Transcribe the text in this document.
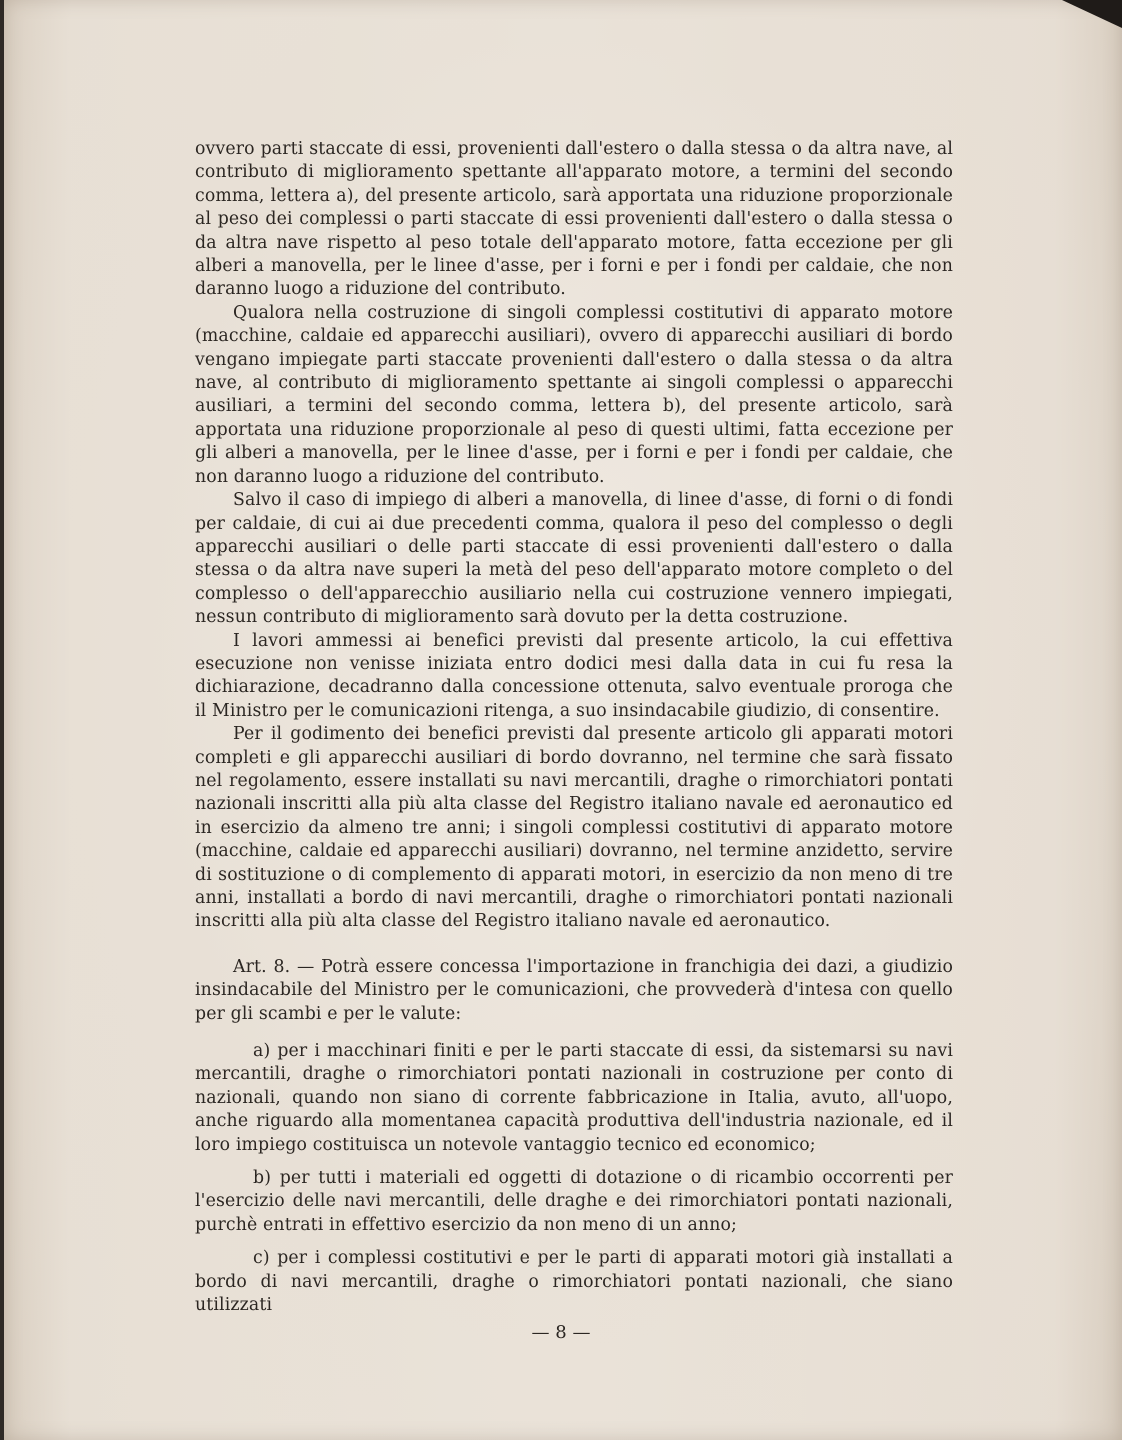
ovvero parti staccate di essi, provenienti dall'estero o dalla stessa o da altra nave, al contributo di miglioramento spettante all'apparato motore, a termini del secondo comma, lettera a), del presente articolo, sarà apportata una riduzione proporzionale al peso dei complessi o parti staccate di essi provenienti dall'estero o dalla stessa o da altra nave rispetto al peso totale dell'apparato motore, fatta eccezione per gli alberi a manovella, per le linee d'asse, per i forni e per i fondi per caldaie, che non daranno luogo a riduzione del contributo.

Qualora nella costruzione di singoli complessi costitutivi di apparato motore (macchine, caldaie ed apparecchi ausiliari), ovvero di apparecchi ausiliari di bordo vengano impiegate parti staccate provenienti dall'estero o dalla stessa o da altra nave, al contributo di miglioramento spettante ai singoli complessi o apparecchi ausiliari, a termini del secondo comma, lettera b), del presente articolo, sarà apportata una riduzione proporzionale al peso di questi ultimi, fatta eccezione per gli alberi a manovella, per le linee d'asse, per i forni e per i fondi per caldaie, che non daranno luogo a riduzione del contributo.

Salvo il caso di impiego di alberi a manovella, di linee d'asse, di forni o di fondi per caldaie, di cui ai due precedenti comma, qualora il peso del complesso o degli apparecchi ausiliari o delle parti staccate di essi provenienti dall'estero o dalla stessa o da altra nave superi la metà del peso dell'apparato motore completo o del complesso o dell'apparecchio ausiliario nella cui costruzione vennero impiegati, nessun contributo di miglioramento sarà dovuto per la detta costruzione.

I lavori ammessi ai benefici previsti dal presente articolo, la cui effettiva esecuzione non venisse iniziata entro dodici mesi dalla data in cui fu resa la dichiarazione, decadranno dalla concessione ottenuta, salvo eventuale proroga che il Ministro per le comunicazioni ritenga, a suo insindacabile giudizio, di consentire.

Per il godimento dei benefici previsti dal presente articolo gli apparati motori completi e gli apparecchi ausiliari di bordo dovranno, nel termine che sarà fissato nel regolamento, essere installati su navi mercantili, draghe o rimorchiatori pontati nazionali inscritti alla più alta classe del Registro italiano navale ed aeronautico ed in esercizio da almeno tre anni; i singoli complessi costitutivi di apparato motore (macchine, caldaie ed apparecchi ausiliari) dovranno, nel termine anzidetto, servire di sostituzione o di complemento di apparati motori, in esercizio da non meno di tre anni, installati a bordo di navi mercantili, draghe o rimorchiatori pontati nazionali inscritti alla più alta classe del Registro italiano navale ed aeronautico.

Art. 8. — Potrà essere concessa l'importazione in franchigia dei dazi, a giudizio insindacabile del Ministro per le comunicazioni, che provvederà d'intesa con quello per gli scambi e per le valute:

a) per i macchinari finiti e per le parti staccate di essi, da sistemarsi su navi mercantili, draghe o rimorchiatori pontati nazionali in costruzione per conto di nazionali, quando non siano di corrente fabbricazione in Italia, avuto, all'uopo, anche riguardo alla momentanea capacità produttiva dell'industria nazionale, ed il loro impiego costituisca un notevole vantaggio tecnico ed economico;

b) per tutti i materiali ed oggetti di dotazione o di ricambio occorrenti per l'esercizio delle navi mercantili, delle draghe e dei rimorchiatori pontati nazionali, purchè entrati in effettivo esercizio da non meno di un anno;

c) per i complessi costitutivi e per le parti di apparati motori già installati a bordo di navi mercantili, draghe o rimorchiatori pontati nazionali, che siano utilizzati

— 8 —
